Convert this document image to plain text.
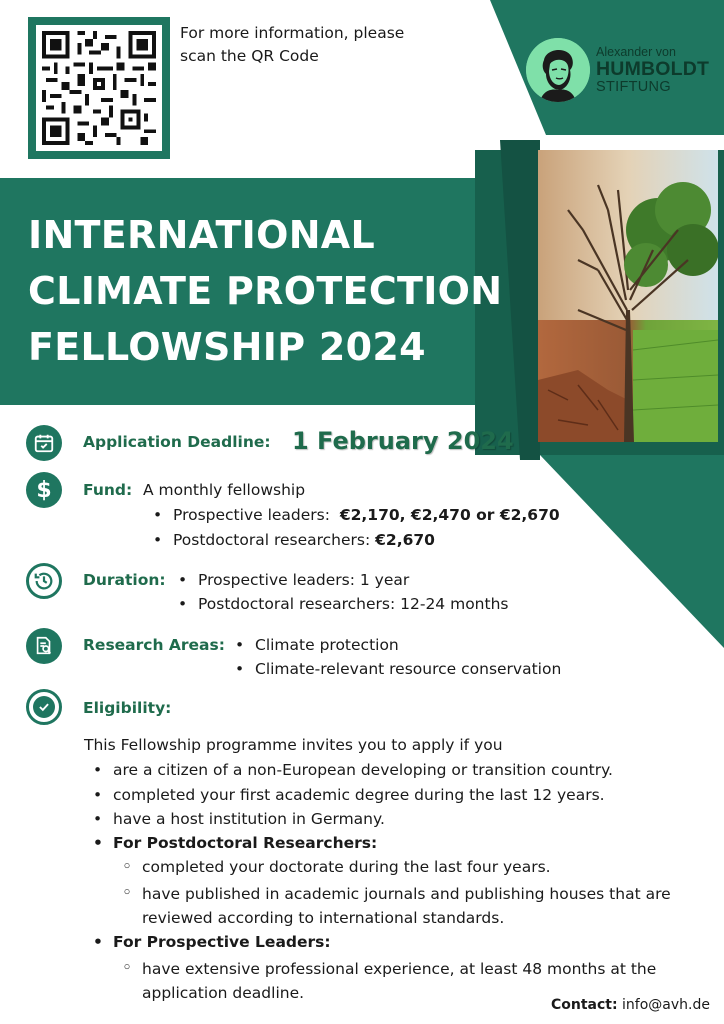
For more information, please
scan the QR Code	Alexander von
HUMBOLDT
STIFTUNG
INTERNATIONAL
CLIMATE PROTECTION
FELLOWSHIP 2024
Application Deadline: 1 February 2024
$ Fund: A monthly fellowship
• Prospective leaders: €2,170, €2,470 or €2,670
• Postdoctoral researchers: €2,670
Duration: • Prospective leaders: 1 year
• Postdoctoral researchers: 12-24 months
Research Areas: • Climate protection
• Climate-relevant resource conservation
Eligibility:
This Fellowship programme invites you to apply if you
• are a citizen of a non-European developing or transition country.
• completed your first academic degree during the last 12 years.
• have a host institution in Germany.
• For Postdoctoral Researchers:
◦ completed your doctorate during the last four years.
◦ have published in academic journals and publishing houses that are reviewed according to international standards.
• For Prospective Leaders:
◦ have extensive professional experience, at least 48 months at the application deadline.
Contact: info@avh.de
